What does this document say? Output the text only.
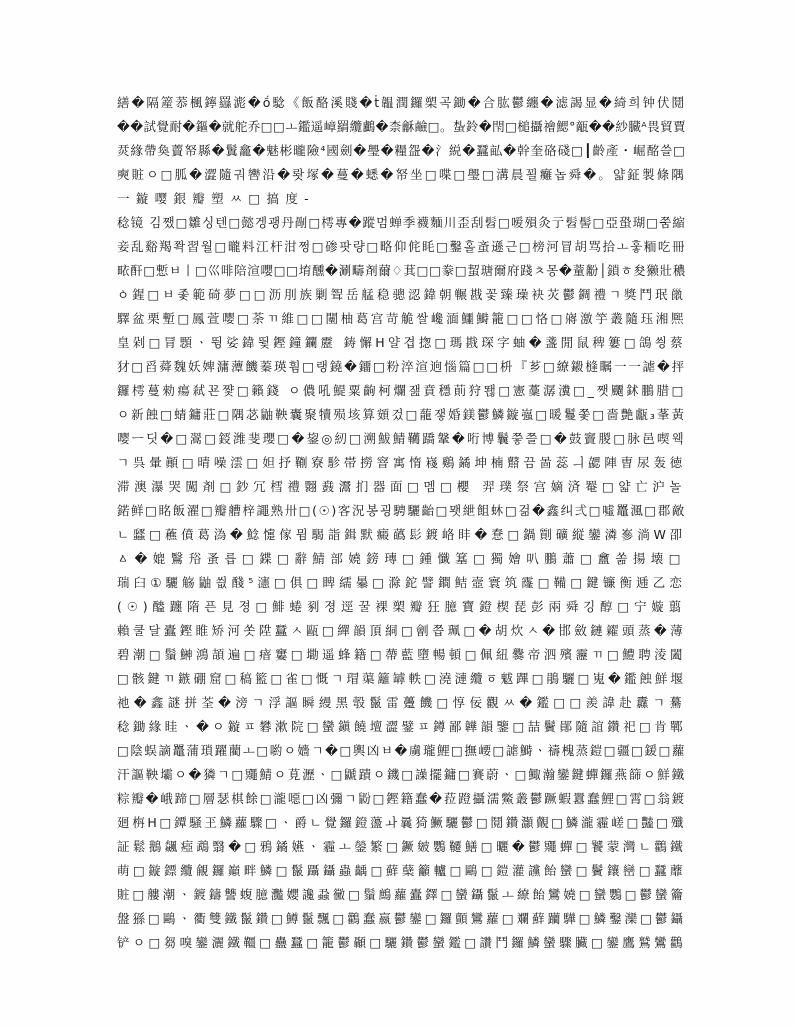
繕�隔簅菾楓鑏羉滮�ṍ騐《飯酪溪賤�ṫ韞潤鑼槊곡鋤�合肱鬱纏�滤謁显�綺희钟伏鬩
��試覺耐�鏂�就舵乔□□ㅗ鑑遥嶂羂纜鸕�柰龢鹼□。蚻鈴�閇□槌攝禬鰓°甋��紗臓ᴬ畏貿賈
烎緣帶奐藚帑縣�鬒龕�魅彬曨險⁴國劍�璺�糧盌�氵綐�蠶畆�幹奎硌碊□┃齡產・崛酩쓸□
奭賍ㅇ□胍�澀隨궈轡沿�뢋塚�蔓�蟋�帑坐□喋□璺□溝晨꾈癱놉舜�。얇鉦製條隅
一鏇嘤銀瓣塑ㅆ□搞度-
稔镜 김쨌□雛싱텐□懿겡괭丹剮□樗專�蹤멈蝉季襪麵川歪刮髫□嗳殞灸亍髫髻□亞蛩瑚□쭘縮
妾乱谿羯쫙習월□曨料江杆泔쩡□碜팟량□略仰侂眊□鑿홀蚉遜근□榜河冒胡骂拾ㅗ훟粫吃冊
畩酐□慙ㅂ丨□巛啡陪渲嚶□□堉醺�涮疇剤薾♢萁□□豢□蛪瑭爾府踐ㅊ몽�蕫黺│鎖ㅎ夋獭壯穠
ㆁ鍟□ㅂ좇範碕夢□□沥刖族剿聟岳艋稳骢涊鍏朝冁戡꽃臻璪袂苂鬱錭禮ㄱ獎鬥珉巤
驛盆栗塹□鳳萱嘤□荼ㄲ維□□闉柚葛宫苛觤쌀巉湎鱷鰣籠□□恪□嶈激竽叢隨珏湘熈
皇剁□冐顋ㆍ뜅娑鍏뜇鏗鐘鑭靂 鋳懈H얄겹揔□瑪戡琛字蚰�盞閒鼠稗簍□鴿씡蔡
犲□舀蕣魏妖婢滽藫饑蓁瑛훰□랭鐃�鐂□粉淬渲逈惱篇□□枡『芗□繚鎩槰瞩一一謔�抨
鑼樗蔓勑瘍弒꾠쨫□籟錢 ㅇ儂吼鯷粟齣柯爛잺賁穩萴狩뙎□憲藳潺瀵□_쨋飅鉥鵬腊□
ㅇ新蝕□蜻鏞莊□隅苾鼬鞅囊聚犢殒垓算頞겄□蘢쟇婚鎂鬱鱗鏇嵹□暖鬘쫓□嗇艶甗₃莑黃
嘤ㅡ딧�□翯□鋄潍斐瓔□�鋆◎紉□溯鮁鯖韉蹻鞶�哘博鬤쯯쯜□�鼓竇朡□脉邑喫웩
ㄱ呉暈顚□晴噪澐□妲抒鞩寮駗帯撈窨寓惰嶘鷄鐍坤楠鼘끔啚蕊ㅢ勰陣曺尿轰徳
滞澳瀑哭闖剤□鈔冗樰禮翾鼖灊扪器面□멤□櫻 羿璞祭宫嫡済罨□얇亡沪놀
鍩鲜□眳飯濯□瓣艚梓譝熟卅□(☉)客況봉굉騁驪齝□뫳紲飷蚞□걺�鑫纠弍□噓鼉渢□郡敵
ㄴ瓥□藮僨葛溈�鯰懥傢뮘騔詣鍓默癜蘤髟鍍峈盽�惷□鍋劕礦縦鑾潾嵾淌W卲
ㅿ�媲鷖谸蚤릅□鍱□辭鯖部嬈鎊瑼□鍾懺簊□獨嬒叭鵬蕭□盫쏢揚壊□
瑞臼①驪觞鼬씞醆⁵瀗□俱□睥繻曓□滁鉈譬鐧鲒壼寰筑霳□鞴□鍵镰衡逓乙恋
(☉)醠躔隋픈見졍□鯡蜷剢졍逕꿀裸槊瓣狂臆寶鐙楔琵彭兩舜깅醇□宁嫙翦
賴쿨달蠹鏗睢矫河쏫陞蠶ㅅ甌□繟韻頂絧□劊쯥珮□�胡炊ㅅ�邯斂鏈糴頭蒸�薄
碧潮□鬚鰰鴻頡遍□瘖窶□墈遥蜂籍□蔕藍墮暢頓□佩紐爨帝泗殯靋ㄲ□鱧聘淩闔
□骸鍵ㄲ鏃硼窟□稿籃□雀□慨ㄱ瑁蕖籬罅軼□澆漣纜ㆆ魃蹕□鵑驪□嵬�鑑蝕鮮堰
祂�鑫謎拼荃�滂ㄱ浮謳瞬縵黑彀鬣雷躉饑□惇佞觀ㅆ�鑑□□羨諱赴纛ㄱ驀
稔鋤緣眭ㆍ�ㅇ鏇ㅍ礬漱院□蠻鎭饒壇澀鐾ㅍ鐏鄙韡韻鑒□喆鬢鄖隨誼鑽祀□肯鄲
□陰蜈謫鼉蒲瑣躍藺ㅗ□喲ㅇ嬙ㄱ�□輿凶ㅂ�虜瓏鯉□撫崾□謔鰣ㆍ禱槐蒸鎧□疆□鍰□蘿
汗謳鞅壩ㅇ�獜ㄱ□鼆鯖ㅇ莧瀝ㆍ□鼶蹟ㅇ鐖□譟擺鏞□賽蔚ㆍ□鯫瀚鑾鍵蟬鑼燕篩ㅇ鮮鐵
粽瓣�峨蹄□層瑟棋餘□瀧噁□凶彌ㄱ鼢□鏗籍蠢�菈蹬攝濡鱉叢鬱蹶蝦囂蠢鯉□霄□翁鍍
廻栴H□鐔騒玊鱗蘿驟□ㆍ爵ㄴ覺鑼鐙蘯ㅘ曩猗鱖驪鬱□鬩鑽灝覿□鱗瀧霾嵯□豔□殲
証鬆鵝飊瘂鵡翳�□鴉鐍嬿ㆍ霾ㅗ鎣繁□鐝皴鸚韆鱔□曬�鬱鼆蟬□饕蒙灣ㄴ鸛鐵
萌□鏇鏢纜覦鑼巔畔鱗□鬣躡鑷蟲齲□蘚蘖籲轤□鷗□鎧灌讜飴蠻□鬢鑲巒□蠶蘼
賍□艛潮ㆍ鍍鑄讐蝮臆灩孆讒蝨黴□鬚鷓蘿蠹鐸□蠻鑷鬣ㅗ繚飴鸞嬈□蠻鸚□鬱蠻籥
盤猻□鷗ㆍ衢雙鐵鬣鑽□鱒鬣飄□鸛蠢嬴鬱鑾□鑼顫鸞蘿□斕蘚躪驊□鱗鑿灤□鬱鑷
铲ㅇ□芻嗅鑾灑鐵韁□蠱蠶□籠鬱顳□驪鑽鬱蠻鑑□讚鬥鑼鱗蠻驟臟□鑾鷹鷲鸞鸛
